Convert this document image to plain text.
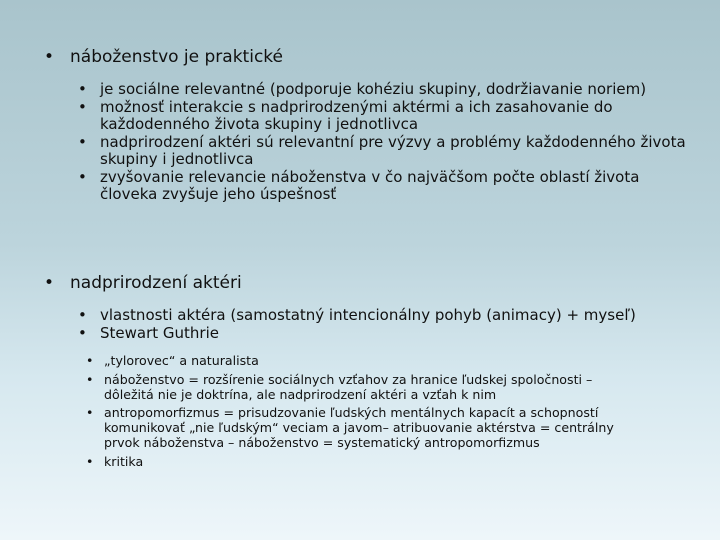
• náboženstvo je praktické
• je sociálne relevantné (podporuje kohéziu skupiny, dodržiavanie noriem)
• možnosť interakcie s nadprirodzenými aktérmi a ich zasahovanie do každodenného života skupiny i jednotlivca
• nadprirodzení aktéri sú relevantní pre výzvy a problémy každodenného života skupiny i jednotlivca
• zvyšovanie relevancie náboženstva v čo najväčšom počte oblastí života človeka zvyšuje jeho úspešnosť
• nadprirodzení aktéri
• vlastnosti aktéra (samostatný intencionálny pohyb (animacy) + myseľ)
• Stewart Guthrie
• „tylorovec“ a naturalista
• náboženstvo = rozšírenie sociálnych vzťahov za hranice ľudskej spoločnosti – dôležitá nie je doktrína, ale nadprirodzení aktéri a vzťah k nim
• antropomorfizmus = prisudzovanie ľudských mentálnych kapacít a schopností komunikovať „nie ľudským“ veciam a javom– atribuovanie aktérstva = centrálny prvok náboženstva – náboženstvo = systematický antropomorfizmus
• kritika
